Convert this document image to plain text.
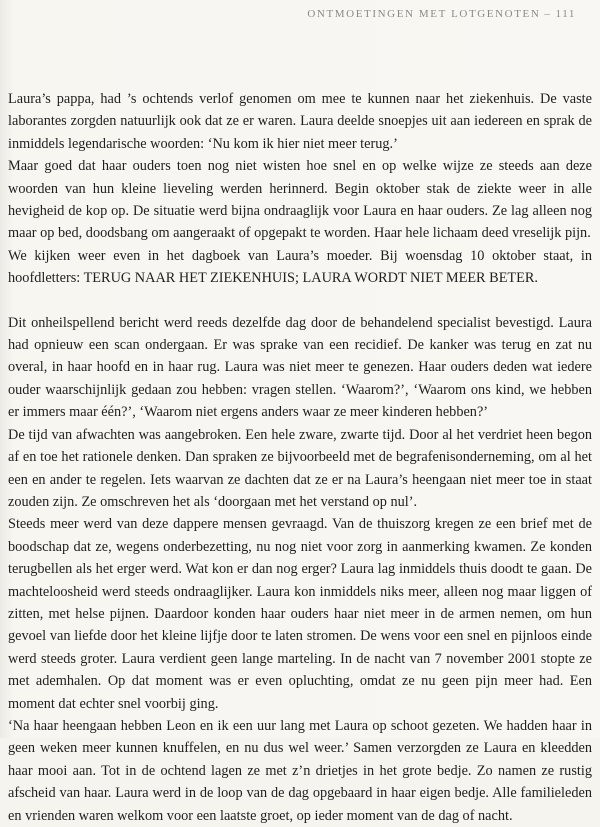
ONTMOETINGEN MET LOTGENOTEN – 111

Laura’s pappa, had ’s ochtends verlof genomen om mee te kunnen naar het ziekenhuis. De vaste laborantes zorgden natuurlijk ook dat ze er waren. Laura deelde snoepjes uit aan iedereen en sprak de inmiddels legendarische woorden: ‘Nu kom ik hier niet meer terug.’

Maar goed dat haar ouders toen nog niet wisten hoe snel en op welke wijze ze steeds aan deze woorden van hun kleine lieveling werden herinnerd. Begin oktober stak de ziekte weer in alle hevigheid de kop op. De situatie werd bijna ondraaglijk voor Laura en haar ouders. Ze lag alleen nog maar op bed, doodsbang om aangeraakt of opgepakt te worden. Haar hele lichaam deed vreselijk pijn.

We kijken weer even in het dagboek van Laura’s moeder. Bij woensdag 10 oktober staat, in hoofdletters: TERUG NAAR HET ZIEKENHUIS; LAURA WORDT NIET MEER BETER.

Dit onheilspellend bericht werd reeds dezelfde dag door de behandelend specialist bevestigd. Laura had opnieuw een scan ondergaan. Er was sprake van een recidief. De kanker was terug en zat nu overal, in haar hoofd en in haar rug. Laura was niet meer te genezen. Haar ouders deden wat iedere ouder waarschijnlijk gedaan zou hebben: vragen stellen. ‘Waarom?’, ‘Waarom ons kind, we hebben er immers maar één?’, ‘Waarom niet ergens anders waar ze meer kinderen hebben?’

De tijd van afwachten was aangebroken. Een hele zware, zwarte tijd. Door al het verdriet heen begon af en toe het rationele denken. Dan spraken ze bijvoorbeeld met de begrafenisonderneming, om al het een en ander te regelen. Iets waarvan ze dachten dat ze er na Laura’s heengaan niet meer toe in staat zouden zijn. Ze omschreven het als ‘doorgaan met het verstand op nul’.

Steeds meer werd van deze dappere mensen gevraagd. Van de thuiszorg kregen ze een brief met de boodschap dat ze, wegens onderbezetting, nu nog niet voor zorg in aanmerking kwamen. Ze konden terugbellen als het erger werd. Wat kon er dan nog erger? Laura lag inmiddels thuis doodt te gaan. De machteloosheid werd steeds ondraaglijker. Laura kon inmiddels niks meer, alleen nog maar liggen of zitten, met helse pijnen. Daardoor konden haar ouders haar niet meer in de armen nemen, om hun gevoel van liefde door het kleine lijfje door te laten stromen. De wens voor een snel en pijnloos einde werd steeds groter. Laura verdient geen lange marteling. In de nacht van 7 november 2001 stopte ze met ademhalen. Op dat moment was er even opluchting, omdat ze nu geen pijn meer had. Een moment dat echter snel voorbij ging.

‘Na haar heengaan hebben Leon en ik een uur lang met Laura op schoot gezeten. We hadden haar in geen weken meer kunnen knuffelen, en nu dus wel weer.’ Samen verzorgden ze Laura en kleedden haar mooi aan. Tot in de ochtend lagen ze met z’n drietjes in het grote bedje. Zo namen ze rustig afscheid van haar. Laura werd in de loop van de dag opgebaard in haar eigen bedje. Alle familieleden en vrienden waren welkom voor een laatste groet, op ieder moment van de dag of nacht.
